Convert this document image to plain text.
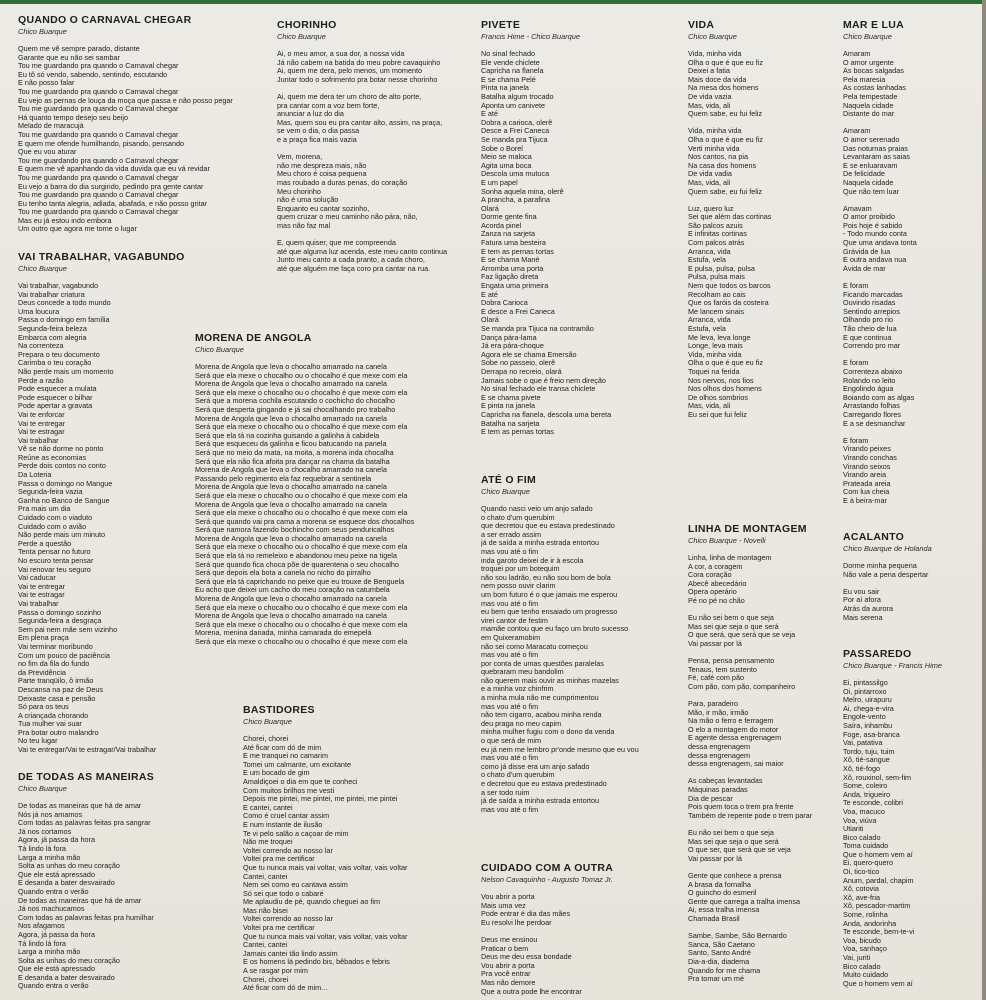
QUANDO O CARNAVAL CHEGAR
Chico Buarque
Quem me vê sempre parado, distante
Garante que eu não sei sambar
Tou me guardando pra quando o Carnaval chegar
Eu tô só vendo, sabendo, sentindo, escutando
E não posso falar
Tou me guardando pra quando o Carnaval chegar
Eu vejo as pernas de louça da moça que passa e não posso pegar
Tou me guardando pra quando o Carnaval chegar
Há quanto tempo desejo seu beijo
Melado de maracujá
Tou me guardando pra quando o Carnaval chegar
E quem me ofende humilhando, pisando, pensando
Que eu vou aturar
Tou me guardando pra quando o Carnaval chegar
E quem me vê apanhando da vida duvida que eu vá revidar
Tou me guardando pra quando o Carnaval chegar
Eu vejo a barra do dia surgindo, pedindo pra gente cantar
Tou me guardando pra quando o Carnaval chegar
Eu tenho tanta alegria, adiada, abafada, e não posso gritar
Tou me guardando pra quando o Carnaval chegar
Mas eu já estou indo embora
Um outro que agora me tome o lugar
VAI TRABALHAR, VAGABUNDO
Chico Buarque
Vai trabalhar, vagabundo
Vai trabalhar criatura
Deus concede a todo mundo
Uma loucura
Passa o domingo em família
Segunda-feira beleza
Embarca com alegria
Na correnteza
Prepara o teu documento
Carimba o teu coração
Não perde mais um momento
Perde a razão
Pode esquecer a mulata
Pode esquecer o bilhar
Pode apertar a gravata
Vai te enforcar
Vai te entregar
Vai te estragar
Vai trabalhar
Vê se não dorme no ponto
Reúne as economias
Perde dois contos no conto
Da Loteria
Passa o domingo no Mangue
Segunda-feira vazia
Ganha no Banco de Sangue
Pra mais um dia
Cuidado com o viaduto
Cuidado com o avião
Não perde mais um minuto
Perde a questão
Tenta pensar no futuro
No escuro tenta pensar
Vai renovar teu seguro
Vai caducar
Vai te entregar
Vai te estragar
Vai trabalhar
Passa o domingo sozinho
Segunda-feira a desgraça
Sem pai nem mãe sem vizinho
Em plena praça
Vai terminar moribundo
Com um pouco de paciência
no fim da fila do fundo
da Previdência
Parte tranqüilo, ô irmão
Descansa na paz de Deus
Deixaste casa e pensão
Só para os teus
A criançada chorando
Tua mulher vai suar
Pra botar outro malandro
No teu lugar
Vai te entregar/Vai te estragar/Vai trabalhar
DE TODAS AS MANEIRAS
Chico Buarque
De todas as maneiras que há de amar
Nós já nos amamos
Com todas as palavras feitas pra sangrar
Já nos cortamos
Agora, já passa da hora
Tá lindo lá fora
Larga a minha mão
Solta as unhas do meu coração
Que ele está apressado
E desanda a bater desvairado
Quando entra o verão
De todas as maneiras que há de amar
Já nos machucamos
Com todas as palavras feitas pra humilhar
Nos afagamos
Agora, já passa da hora
Tá lindo lá fora
Larga a minha mão
Solta as unhas do meu coração
Que ele está apressado
E desanda a bater desvairado
Quando entra o verão
CHORINHO
Chico Buarque
Ai, o meu amor, a sua dor, a nossa vida
Já não cabem na batida do meu pobre cavaquinho
Ai, quem me dera, pelo menos, um momento
Juntar todo o sofrimento pra botar nesse chorinho
Ai, quem me dera ter um choro de alto porte,
pra cantar com a voz bem forte,
anunciar a luz do dia
Mas, quem sou eu pra cantar alto, assim, na praça,
se vem o dia, o dia passa
e a praça fica mais vazia
Vem, morena,
não me despreza mais, não
Meu choro é coisa pequena
mas roubado a duras penas, do coração
Meu chorinho
não é uma solução
Enquanto eu cantar sozinho,
quem cruzar o meu caminho não pára, não,
mas não faz mal
E, quem quiser, que me compreenda
até que alguma luz acenda, este meu canto continua
Junto meu canto a cada pranto, a cada choro,
até que alguém me faça coro pra cantar na rua.
MORENA DE ANGOLA
Chico Buarque
Morena de Angola que leva o chocalho amarrado na canela
Será que ela mexe o chocalho ou o chocalho é que mexe com ela
Morena de Angola que leva o chocalho amarrado na canela
Será que ela mexe o chocalho ou o chocalho é que mexe com ela
Será que a morena cochila escutando o cochicho do chocalho
Será que desperta gingando e já sai chocalhando pro trabalho
Morena de Angola que leva o chocalho amarrado na canela
Será que ela mexe o chocalho ou o chocalho é que mexe com ela
Será que ela tá na cozinha guisando a galinha à cabidela
Será que esqueceu da galinha e ficou batucando na panela
Será que no meio da mata, na moita, a morena inda chocalha
Será que ela não fica afoita pra dançar na chama da batalha
Morena de Angola que leva o chocalho amarrado na canela
Passando pelo regimento ela faz requebrar a sentinela
Morena de Angola que leva o chocalho amarrado na canela
Será que ela mexe o chocalho ou o chocalho é que mexe com ela
Morena de Angola que leva o chocalho amarrado na canela
Será que ela mexe o chocalho ou o chocalho é que mexe com ela
Será que quando vai pra cama a morena se esquece dos chocalhos
Será que namora fazendo bochincho com seus penduricalhos
Morena de Angola que leva o chocalho amarrado na canela
Será que ela mexe o chocalho ou o chocalho é que mexe com ela
Será que ela tá no remeleixo e abandonou meu peixe na tigela
Será que quando fica choca põe de quarentena o seu chocalho
Será que depois ela bota a canela no nicho do pirralho
Será que ela tá caprichando no peixe que eu trouxe de Benguela
Eu acho que deixei um cacho do meu coração na catumbela
Morena de Angola que leva o chocalho amarrado na canela
Será que ela mexe o chocalho ou o chocalho é que mexe com ela
Morena de Angola que leva o chocalho amarrado na canela
Será que ela mexe o chocalho ou o chocalho é que mexe com ela
Morena, menina danada, minha camarada do emepelá
Será que ela mexe o chocalho ou o chocalho é que mexe com ela
BASTIDORES
Chico Buarque
Chorei, chorei
Até ficar com dó de mim
E me tranquei no camarim
Tomei um calmante, um excitante
E um bocado de gim
Amaldiçoei o dia em que te conheci
Com muitos brilhos me vesti
Depois me pintei, me pintei, me pintei, me pintei
E cantei, cantei
Como é cruel cantar assim
E num instante de ilusão
Te vi pelo salão a caçoar de mim
Não me troquei
Voltei correndo ao nosso lar
Voltei pra me certificar
Que tu nunca mais vai voltar, vais voltar, vais voltar
Cantei, cantei
Nem sei como eu cantava assim
Só sei que todo o cabaré
Me aplaudiu de pé, quando cheguei ao fim
Mas não bisei
Voltei correndo ao nosso lar
Voltei pra me certificar
Que tu nunca mais vai voltar, vais voltar, vais voltar
Cantei, cantei
Jamais cantei tão lindo assim
E os homens lá pedindo bis, bêbados e febris
A se rasgar por mim
Chorei, chorei
Até ficar com dó de mim...
PIVETE
Francis Hime - Chico Buarque
No sinal fechado
Ele vende chiclete
Capricha na flanela
E se chama Pelé
Pinta na janela
Batalha algum trocado
Aponta um canivete
E até
Dobra a carioca, olerê
Desce a Frei Caneca
Se manda pra Tijuca
Sobe o Borel
Meio se maloca
Agita uma boca
Descola uma mutuca
E um papel
Sonha aquela mina, olerê
A prancha, a parafina
Olará
Dorme gente fina
Acorda pinel
Zanza na sarjeta
Fatura uma besteira
E tem as pernas tortas
E se chama Mané
Arromba uma porta
Faz ligação direta
Engata uma primeira
E até
Dobra Carioca
E desce a Frei Caneca
Olará
Se manda pra Tijuca na contramão
Dança pára-lama
Já era pára-choque
Agora ele se chama Emersão
Sobe no passeio, olerê
Derrapa no recreio, olará
Jamais sobe o que é freio nem direção
No sinal fechado ele transa chiclete
E se chama pivete
E pinta na janela
Capricha na flanela, descola uma bereta
Batalha na sarjeta
E tem as pernas tortas
ATÉ O FIM
Chico Buarque
Quando nasci veio um anjo safado
o chato d'um querubim
que decretou que eu estava predestinado
a ser errado assim
já de saída a minha estrada entortou
mas vou até o fim
inda garoto deixei de ir à escola
troquei por um botequim
não sou ladrão, eu não sou bom de bola
nem posso ouvir clarim
um bom futuro é o que jamais me esperou
mas vou até o fim
eu bem que tenho ensaiado um progresso
virei cantor de festim
mamãe contou que eu faço um bruto sucesso
em Quixeramobim
não sei como Maracatu começou
mas vou até o fim
por conta de umas questões paralelas
quebraram meu bandolim
não querem mais ouvir as minhas mazelas
e a minha voz chinfrim
a minha mula não me cumprimentou
mas vou até o fim
não tem cigarro, acabou minha renda
deu praga no meu capim
minha mulher fugiu com o dono da venda
o que será de mim
eu já nem me lembro pr'onde mesmo que eu vou
mas vou até o fim
como já disse era um anjo safado
o chato d'um querubim
e decretou que eu estava predestinado
a ser todo ruim
já de saída a minha estrada entortou
mas vou até o fim
CUIDADO COM A OUTRA
Nelson Cavaquinho - Augusto Tomaz Jr.
Vou abrir a porta
Mais uma vez
Pode entrar é dia das mães
Eu resolvi lhe perdoar
Deus me ensinou
Praticar o bem
Deus me deu essa bondade
Vou abrir a porta
Pra você entrar
Mas não demore
Que a outra pode lhe encontrar
VIDA
Chico Buarque
Vida, minha vida
Olha o que é que eu fiz
Deixei a fatia
Mais doce da vida
Na mesa dos homens
De vida vazia
Mas, vida, ali
Quem sabe, eu fui feliz
Vida, minha vida
Olha o que é que eu fiz
Verti minha vida
Nos cantos, na pia
Na casa dos homens
De vida vadia
Mas, vida, ali
Quem sabe, eu fui feliz
Luz, quero luz
Sei que além das cortinas
São palcos azuis
E infinitas cortinas
Com palcos atrás
Arranca, vida
Estufa, vela
E pulsa, pulsa, pulsa
Pulsa, pulsa mais
Nem que todos os barcos
Recolham ao cais
Que os faróis da costeira
Me lancem sinais
Arranca, vida
Estufa, vela
Me leva, leva longe
Longe, leva mais
Vida, minha vida
Olha o que é que eu fiz
Toquei na ferida
Nos nervos, nos fios
Nos olhos dos homens
De olhos sombrios
Mas, vida, ali
Eu sei que fui feliz
LINHA DE MONTAGEM
Chico Buarque - Novelli
Linha, linha de montagem
A cor, a coragem
Cora coração
Abecê abecedário
Opera operário
Pé no pé no chão
Eu não sei bem o que seja
Mas sei que seja o que será
O que será, que será que se veja
Vai passar por lá
Pensa, pensa pensamento
Tenaus, tem sustento
Fé, café com pão
Com pão, com pão, companheiro
Para, paradeiro
Mão, ir mão, irmão
Na mão o ferro e ferragem
O elo a montagem do motor
E agente dessa engrenagem
dessa engrenagem
dessa engrenagem
dessa engrenagem, sai maior
As cabeças levantadas
Máquinas paradas
Dia de pescar
Pois quem toca o trem pra frente
Também de repente pode o trem parar
Eu não sei bem o que seja
Mas sei que seja o que será
O que ser, que será que se veja
Vai passar por lá
Gente que conhece a prensa
A brasa da fornalha
O guincho do esmeril
Gente que carrega a tralha imensa
Ai, essa tralha imensa
Chamada Brasil
Sambe, Sambe, São Bernardo
Sanca, São Caetano
Santo, Santo André
Dia-a-dia, diadema
Quando for me chama
Pra tomar um mé
MAR E LUA
Chico Buarque
Amaram
O amor urgente
As bocas salgadas
Pela maresia
As costas lanhadas
Pela tempestade
Naquela cidade
Distante do mar
Amaram
O amor serenado
Das noturnas praias
Levantaram as saias
E se enluaravam
De felicidade
Naquela cidade
Que não tem luar
Amavam
O amor proibido
Pois hoje é sabido
- Todo mundo conta
Que uma andava tonta
Grávida de lua
E outra andava nua
Ávida de mar
E foram
Ficando marcadas
Ouvindo risadas
Sentindo arrepios
Olhando pro rio
Tão cheio de lua
E que continua
Correndo pro mar
E foram
Correnteza abaixo
Rolando no leito
Engolindo água
Boiando com as algas
Arrastando folhas
Carregando flores
E a se desmanchar
E foram
Virando peixes
Virando conchas
Virando seixos
Virando areia
Prateada areia
Com lua cheia
E à beira-mar
ACALANTO
Chico Buarque de Holanda
Dorme minha pequena
Não vale a pena despertar
Eu vou sair
Por aí afora
Atrás da aurora
Mais serena
PASSAREDO
Chico Buarque - Francis Hime
Ei, pintassilgo
Oi, pintarroxo
Melro, uirapuru
Ai, chega-e-vira
Engole-vento
Saíra, inhambu
Foge, asa-branca
Vai, patativa
Tordo, tuju, tuim
Xô, tié-sangue
Xô, tié-fogo
Xô, rouxinol, sem-fim
Some, coleiro
Anda, trigueiro
Te esconde, colibri
Voa, macuco
Voa, viúva
Utiariti
Bico calado
Toma cuidado
Que o homem vem aí
Ei, quero-quero
Oi, tico-tico
Anum, pardal, chapim
Xô, cotovia
Xô, ave-fria
Xô, pescador-martim
Some, rolinha
Anda, andorinha
Te esconde, bem-te-vi
Voa, bicudo
Voa, sanhaço
Vai, juriti
Bico calado
Muito cuidado
Que o homem vem aí
